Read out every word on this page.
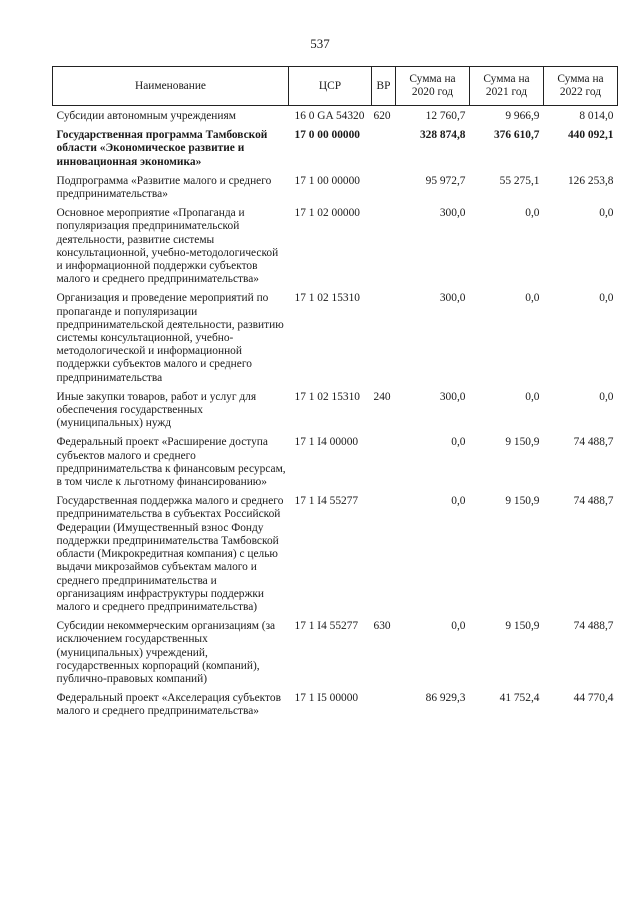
537
Наименование	ЦСР	ВР	Сумма на 2020 год	Сумма на 2021 год	Сумма на 2022 год
Субсидии автономным учреждениям	16 0 GA 54320	620	12 760,7	9 966,9	8 014,0
Государственная программа Тамбовской области «Экономическое развитие и инновационная экономика»	17 0 00 00000		328 874,8	376 610,7	440 092,1
Подпрограмма «Развитие малого и среднего предпринимательства»	17 1 00 00000		95 972,7	55 275,1	126 253,8
Основное мероприятие «Пропаганда и популяризация предпринимательской деятельности, развитие системы консультационной, учебно-методологической и информационной поддержки субъектов малого и среднего предпринимательства»	17 1 02 00000		300,0	0,0	0,0
Организация и проведение мероприятий по пропаганде и популяризации предпринимательской деятельности, развитию системы консультационной, учебно-методологической и информационной поддержки субъектов малого и среднего предпринимательства	17 1 02 15310		300,0	0,0	0,0
Иные закупки товаров, работ и услуг для обеспечения государственных (муниципальных) нужд	17 1 02 15310	240	300,0	0,0	0,0
Федеральный проект «Расширение доступа субъектов малого и среднего предпринимательства к финансовым ресурсам, в том числе к льготному финансированию»	17 1 I4 00000		0,0	9 150,9	74 488,7
Государственная поддержка малого и среднего предпринимательства в субъектах Российской Федерации (Имущественный взнос Фонду поддержки предпринимательства Тамбовской области (Микрокредитная компания) с целью выдачи микрозаймов субъектам малого и среднего предпринимательства и организациям инфраструктуры поддержки малого и среднего предпринимательства)	17 1 I4 55277		0,0	9 150,9	74 488,7
Субсидии некоммерческим организациям (за исключением государственных (муниципальных) учреждений, государственных корпораций (компаний), публично-правовых компаний)	17 1 I4 55277	630	0,0	9 150,9	74 488,7
Федеральный проект «Акселерация субъектов малого и среднего предпринимательства»	17 1 I5 00000		86 929,3	41 752,4	44 770,4
